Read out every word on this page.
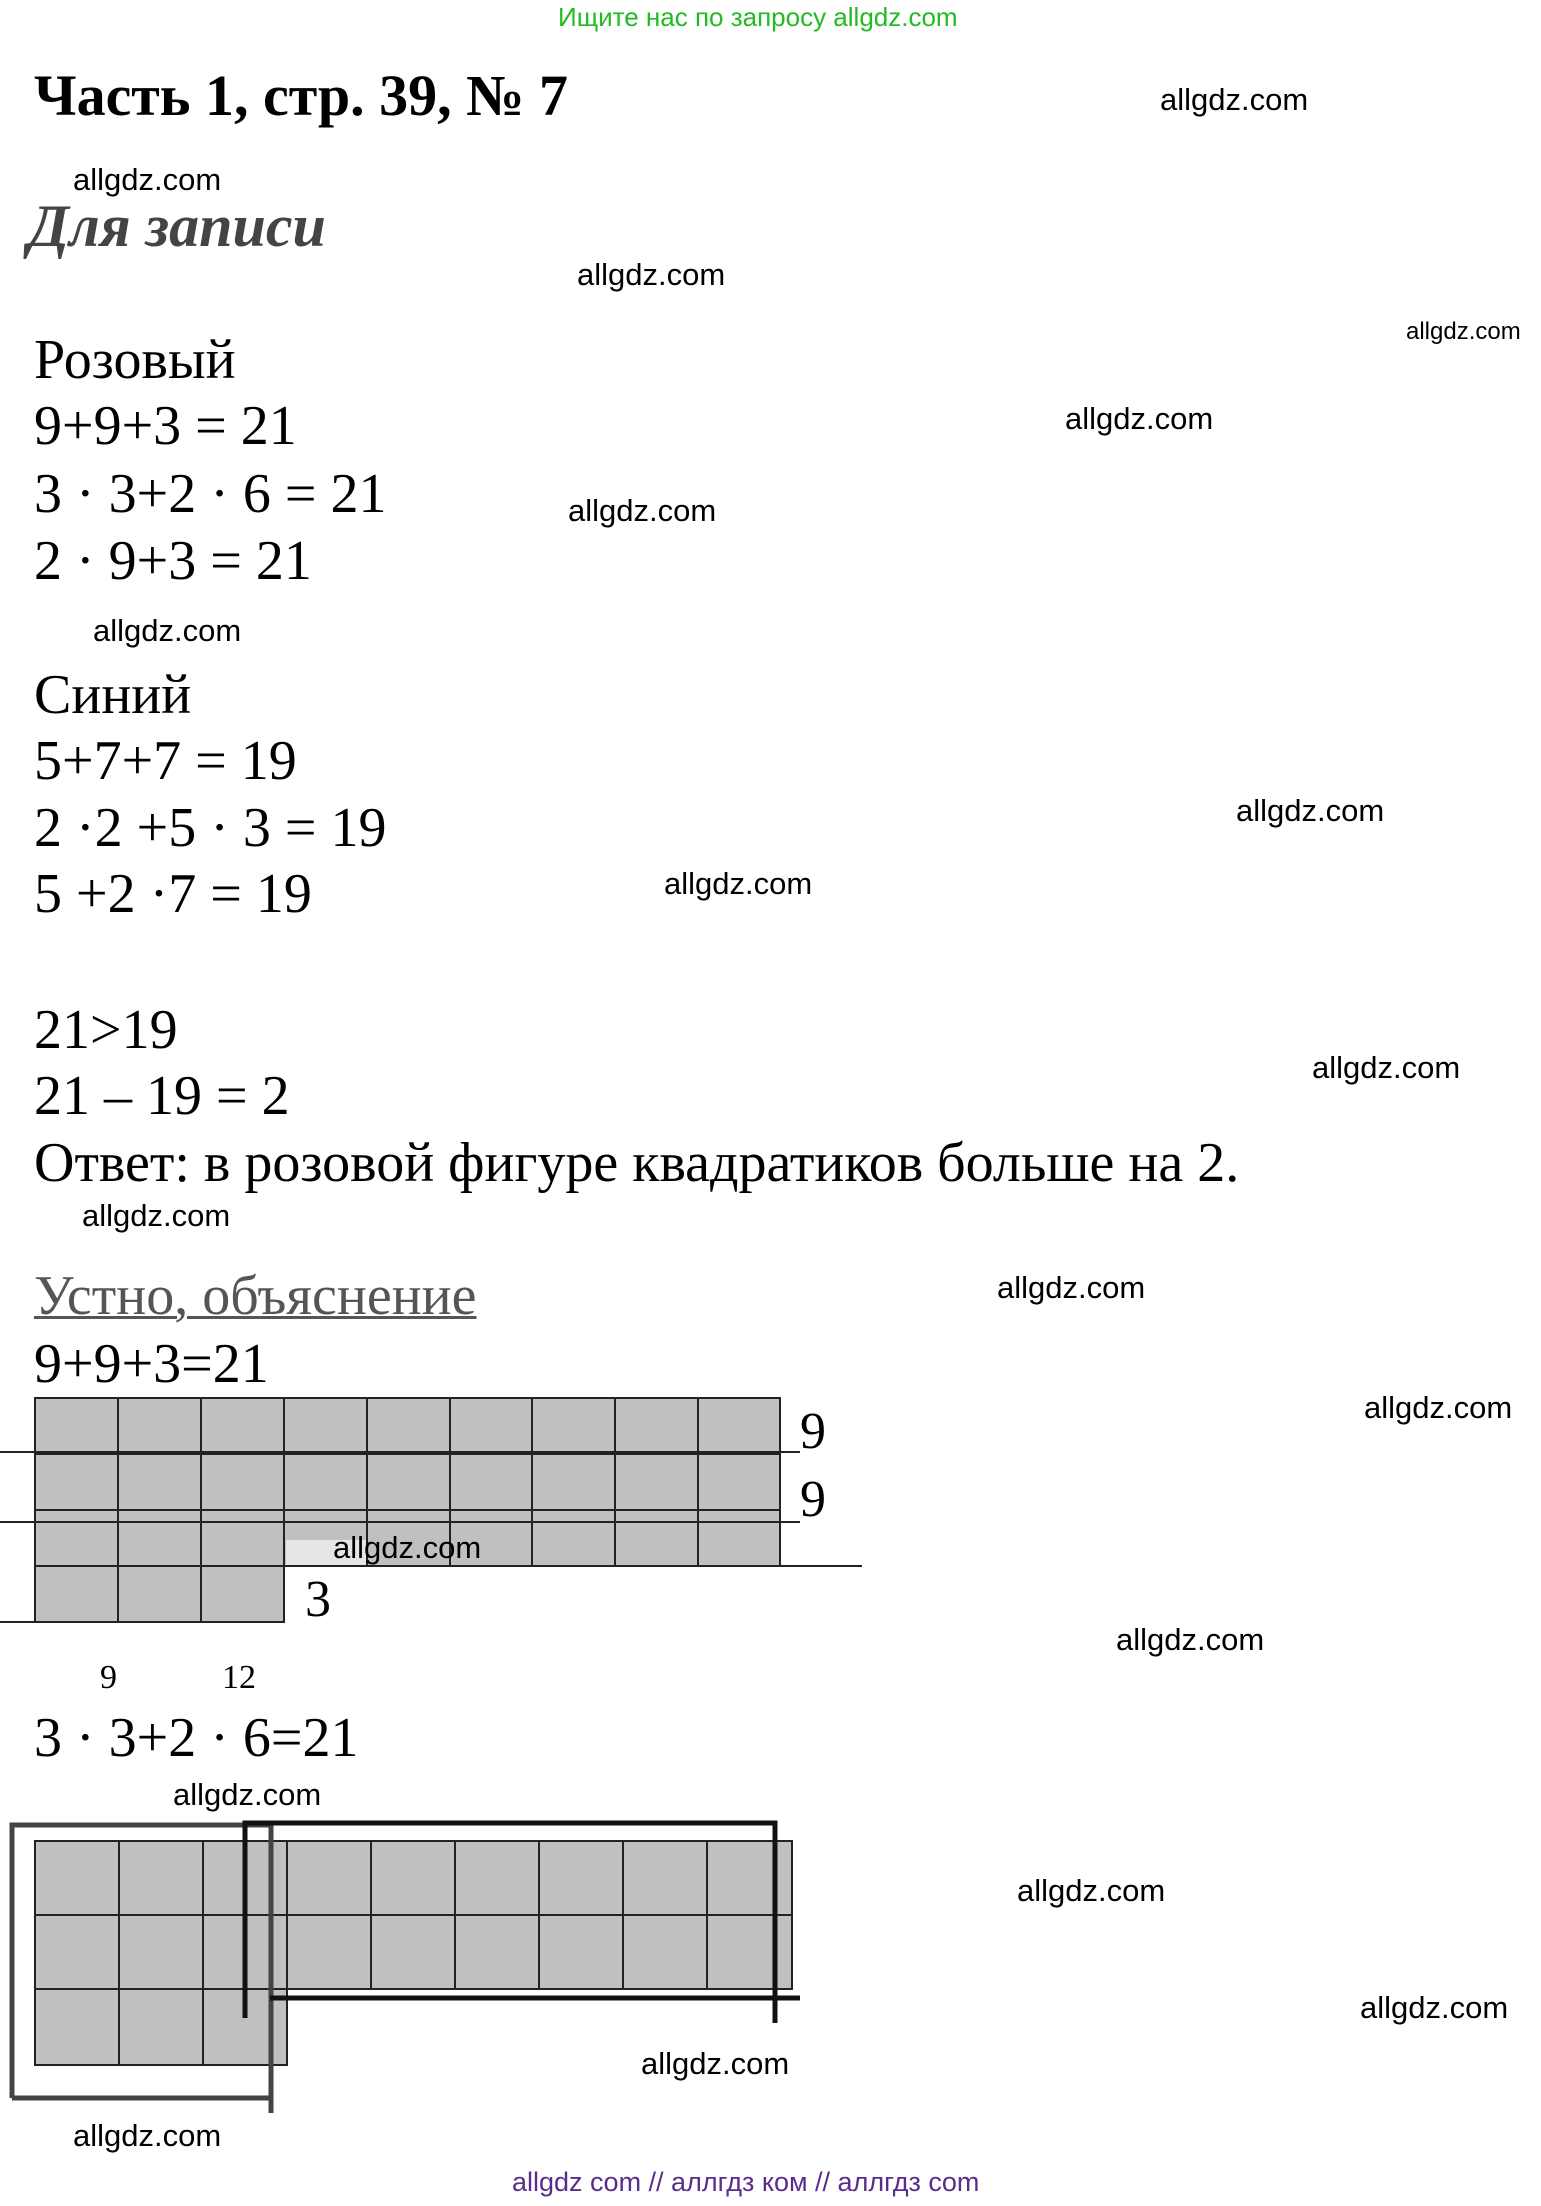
Ищите нас по запросу allgdz.com
Часть 1, стр. 39, № 7
Для записи
Розовый
9+9+3 = 21
3 · 3+2 · 6 = 21
2 · 9+3 = 21
Синий
5+7+7 = 19
2 ·2 +5 · 3 = 19
5 +2 ·7 = 19
21>19
21 – 19 = 2
Ответ: в розовой фигуре квадратиков больше на 2.
Устно, объяснение
9+9+3=21
9
9
3
9	12
3 · 3+2 · 6=21
allgdz.com
allgdz.com
allgdz.com
allgdz.com
allgdz.com
allgdz.com
allgdz.com
allgdz.com
allgdz.com
allgdz.com
allgdz.com
allgdz.com
allgdz.com
allgdz.com
allgdz.com
allgdz.com
allgdz.com
allgdz.com
allgdz.com
allgdz.com
allgdz com // аллгдз ком // аллгдз com
